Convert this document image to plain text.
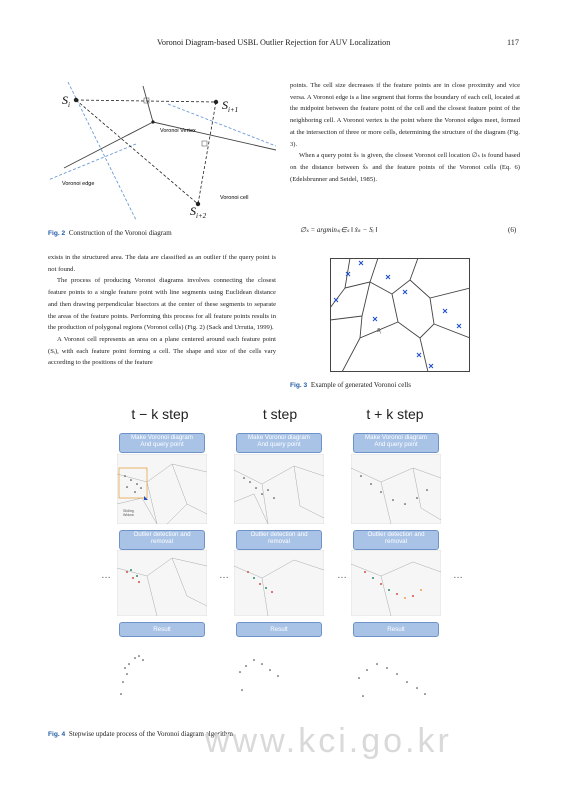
Voronoi Diagram-based USBL Outlier Rejection for AUV Localization	117
$S_i$	$S_{i+1}$
$S_{i+2}$
Voronoi Vertex
Voronoi edge
Voronoi cell
Fig. 2 Construction of the Voronoi diagram

exists in the structured area. The data are classified as an outlier if the query point is not found.

The process of producing Voronoi diagrams involves connecting the closest feature points to a single feature point with line segments using Euclidean distance and then drawing perpendicular bisectors at the center of these segments to separate the areas of the feature points. Performing this process for all feature points results in the production of polygonal regions (Voronoi cells) (Fig. 2) (Sack and Urrutia, 1999).

A Voronoi cell represents an area on a plane centered around each feature point (Sᵢ), with each feature point forming a cell. The shape and size of the cells vary according to the positions of the feature

points. The cell size decreases if the feature points are in close proximity and vice versa. A Voronoi edge is a line segment that forms the boundary of each cell, located at the midpoint between the feature point of the cell and the closest feature point of the neighboring cell. A Voronoi vertex is the point where the Voronoi edges meet, formed at the intersection of three or more cells, determining the structure of the diagram (Fig. 3).

When a query point x̂ₖ is given, the closest Voronoi cell location ∅ₛ is found based on the distance between x̂ₖ and the feature points of the Voronoi cells (Eq. 6) (Edelsbrunner and Seidel, 1985).

∅ₛ = argminₛᵢ∈ₛ ‖ x̂ₖ − Sᵢ ‖	(6)
$S_i$
Fig. 3 Example of generated Voronoi cells
t − k step	t step	t + k step
Make Voronoi diagram
And query point
Sliding
Widow
Outlier detection and
removal
Result
Make Voronoi diagram
And query point
Outlier detection and
removal
Result
Make Voronoi diagram
And query point
Outlier detection and
removal
Result
…	…	…	…
Fig. 4 Stepwise update process of the Voronoi diagram algorithm
www.kci.go.kr
